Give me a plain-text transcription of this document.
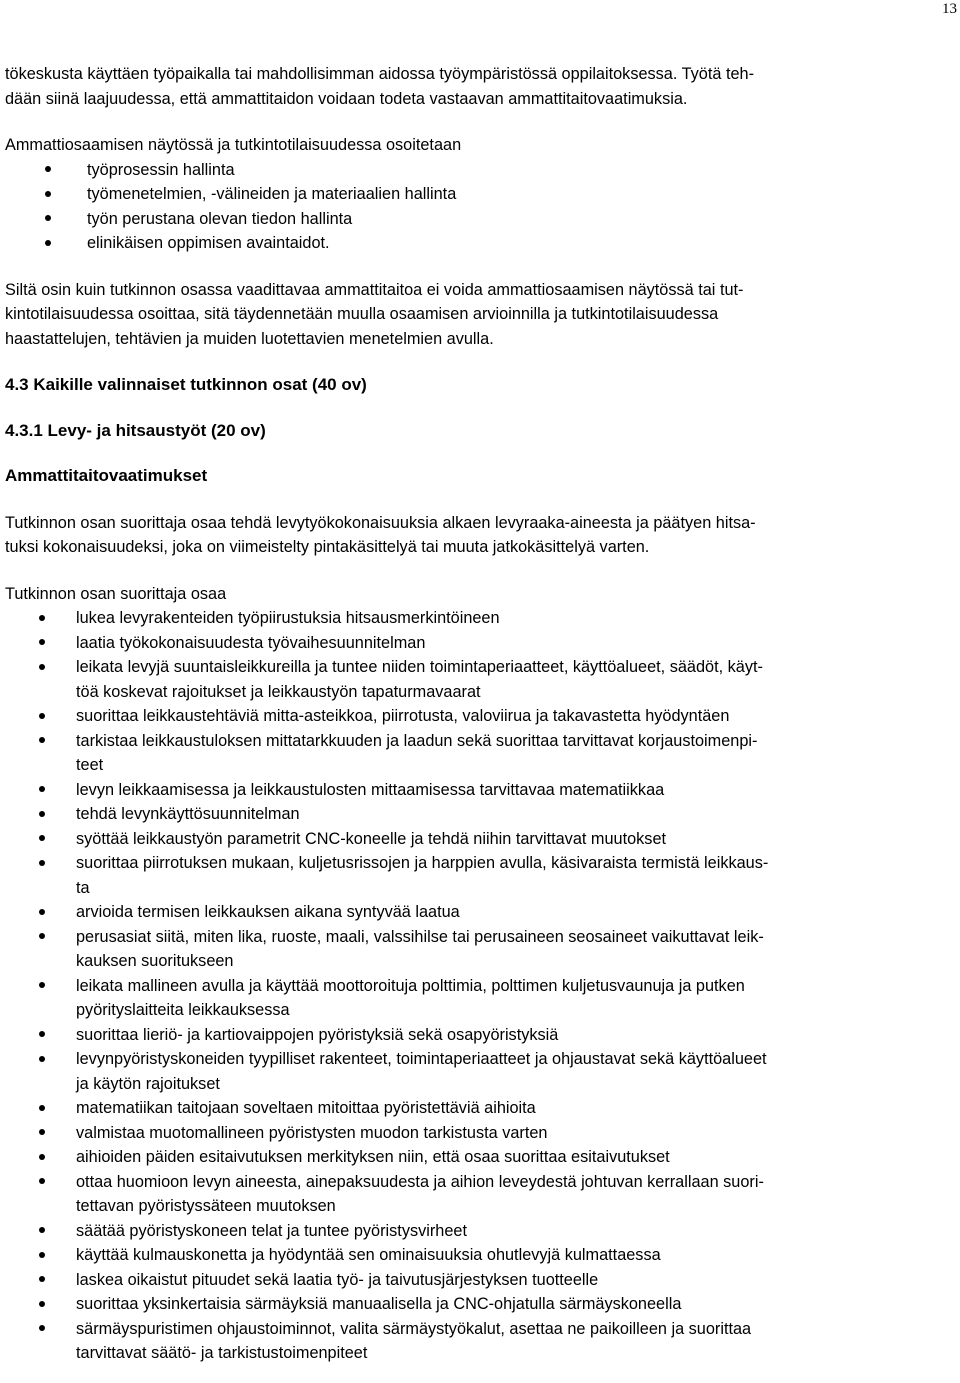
13

tökeskusta käyttäen työpaikalla tai mahdollisimman aidossa työympäristössä oppilaitoksessa. Työtä teh-
dään siinä laajuudessa, että ammattitaidon voidaan todeta vastaavan ammattitaitovaatimuksia.

Ammattiosaamisen näytössä ja tutkintotilaisuudessa osoitetaan

työprosessin hallinta
työmenetelmien, -välineiden ja materiaalien hallinta
työn perustana olevan tiedon hallinta
elinikäisen oppimisen avaintaidot.

Siltä osin kuin tutkinnon osassa vaadittavaa ammattitaitoa ei voida ammattiosaamisen näytössä tai tut-
kintotilaisuudessa osoittaa, sitä täydennetään muulla osaamisen arvioinnilla ja tutkintotilaisuudessa
haastattelujen, tehtävien ja muiden luotettavien menetelmien avulla.

4.3 Kaikille valinnaiset tutkinnon osat (40 ov)

4.3.1 Levy- ja hitsaustyöt (20 ov)

Ammattitaitovaatimukset

Tutkinnon osan suorittaja osaa tehdä levytyökokonaisuuksia alkaen levyraaka-aineesta ja päätyen hitsa-
tuksi kokonaisuudeksi, joka on viimeistelty pintakäsittelyä tai muuta jatkokäsittelyä varten.

Tutkinnon osan suorittaja osaa

lukea levyrakenteiden työpiirustuksia hitsausmerkintöineen
laatia työkokonaisuudesta työvaihesuunnitelman
leikata levyjä suuntaisleikkureilla ja tuntee niiden toimintaperiaatteet, käyttöalueet, säädöt, käyt-
töä koskevat rajoitukset ja leikkaustyön tapaturmavaarat
suorittaa leikkaustehtäviä mitta-asteikkoa, piirrotusta, valoviirua ja takavastetta hyödyntäen
tarkistaa leikkaustuloksen mittatarkkuuden ja laadun sekä suorittaa tarvittavat korjaustoimenpi-
teet
levyn leikkaamisessa ja leikkaustulosten mittaamisessa tarvittavaa matematiikkaa
tehdä levynkäyttösuunnitelman
syöttää leikkaustyön parametrit CNC-koneelle ja tehdä niihin tarvittavat muutokset
suorittaa piirrotuksen mukaan, kuljetusrissojen ja harppien avulla, käsivaraista termistä leikkaus-
ta
arvioida termisen leikkauksen aikana syntyvää laatua
perusasiat siitä, miten lika, ruoste, maali, valssihilse tai perusaineen seosaineet vaikuttavat leik-
kauksen suoritukseen
leikata mallineen avulla ja käyttää moottoroituja polttimia, polttimen kuljetusvaunuja ja putken
pyörityslaitteita leikkauksessa
suorittaa lieriö- ja kartiovaippojen pyöristyksiä sekä osapyöristyksiä
levynpyöristyskoneiden tyypilliset rakenteet, toimintaperiaatteet ja ohjaustavat sekä käyttöalueet
ja käytön rajoitukset
matematiikan taitojaan soveltaen mitoittaa pyöristettäviä aihioita
valmistaa muotomallineen pyöristysten muodon tarkistusta varten
aihioiden päiden esitaivutuksen merkityksen niin, että osaa suorittaa esitaivutukset
ottaa huomioon levyn aineesta, ainepaksuudesta ja aihion leveydestä johtuvan kerrallaan suori-
tettavan pyöristyssäteen muutoksen
säätää pyöristyskoneen telat ja tuntee pyöristysvirheet
käyttää kulmauskonetta ja hyödyntää sen ominaisuuksia ohutlevyjä kulmattaessa
laskea oikaistut pituudet sekä laatia työ- ja taivutusjärjestyksen tuotteelle
suorittaa yksinkertaisia särmäyksiä manuaalisella ja CNC-ohjatulla särmäyskoneella
särmäyspuristimen ohjaustoiminnot, valita särmäystyökalut, asettaa ne paikoilleen ja suorittaa
tarvittavat säätö- ja tarkistustoimenpiteet
